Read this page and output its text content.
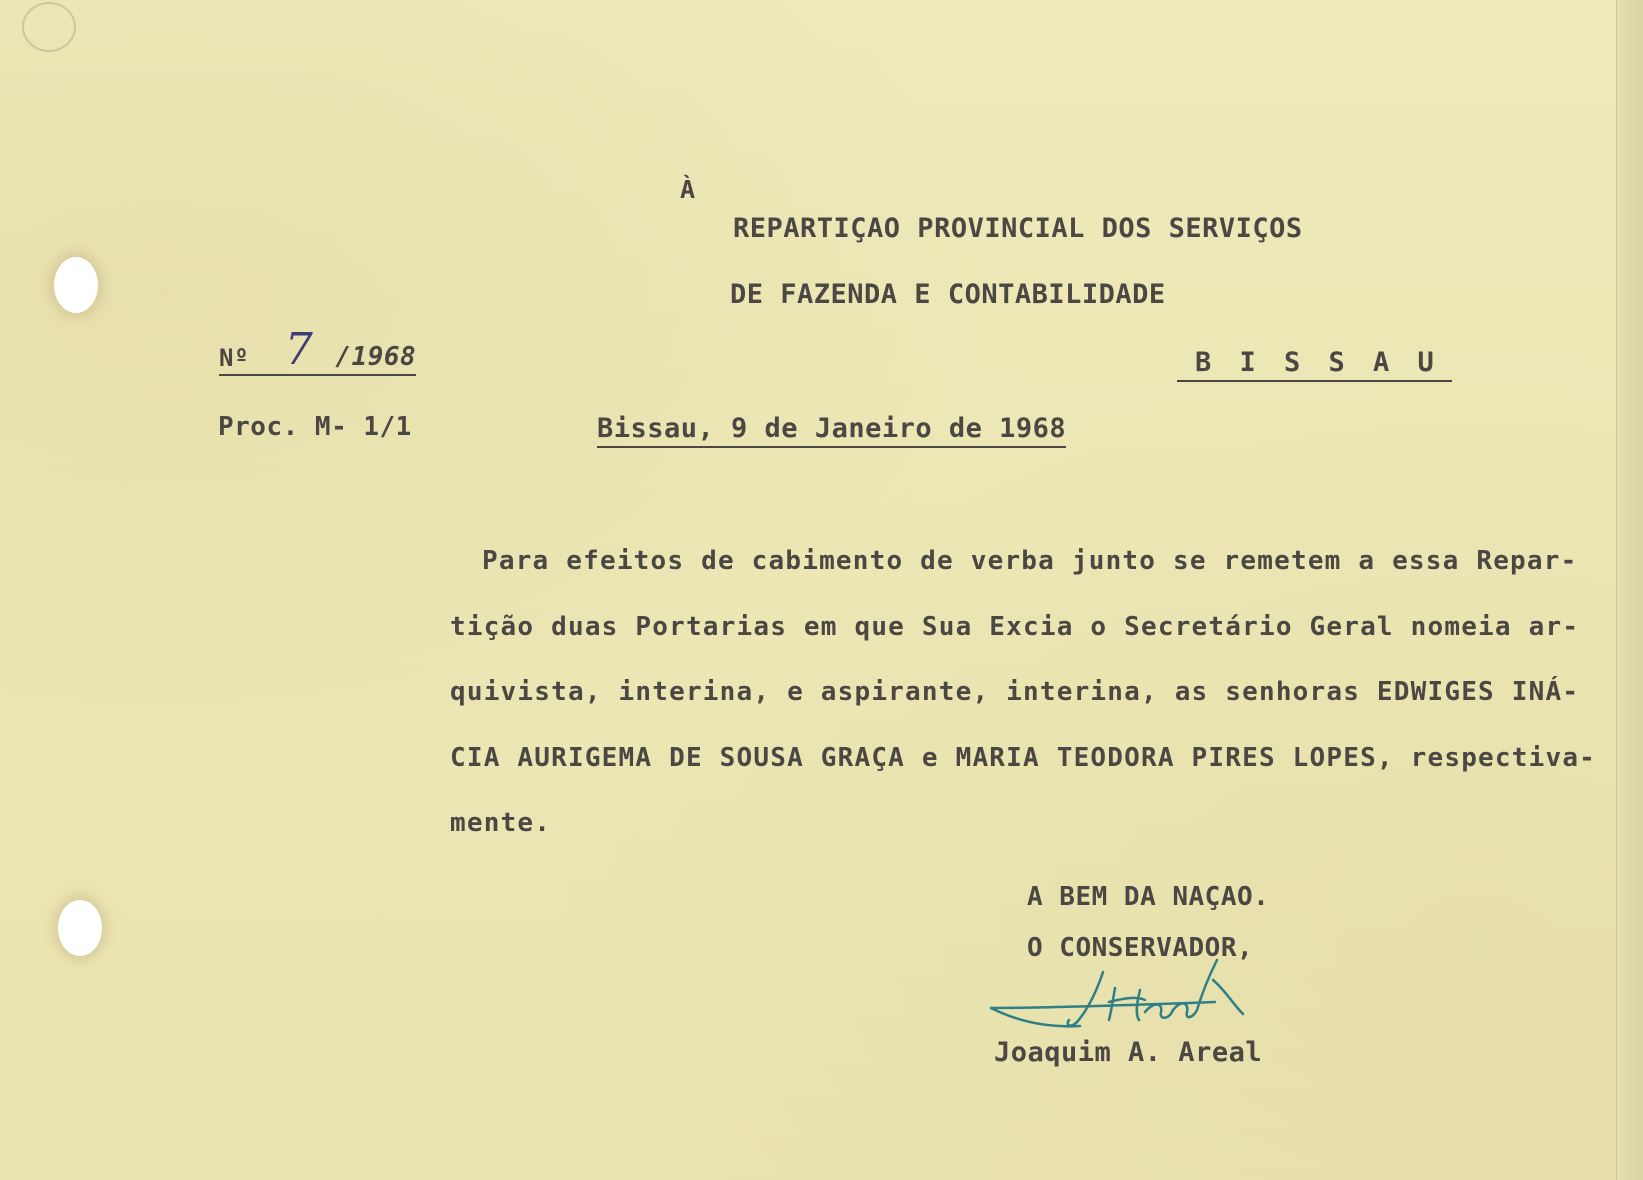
À
REPARTIÇAO PROVINCIAL DOS SERVIÇOS
DE FAZENDA E CONTABILIDADE
B I S S A U
Nº 7 /1968
Proc. M- 1/1	Bissau, 9 de Janeiro de 1968
Para efeitos de cabimento de verba junto se remetem a essa Repar-
tição duas Portarias em que Sua Excia o Secretário Geral nomeia ar-
quivista, interina, e aspirante, interina, as senhoras EDWIGES INÁ-
CIA AURIGEMA DE SOUSA GRAÇA e MARIA TEODORA PIRES LOPES, respectiva-
mente.
A BEM DA NAÇAO.
O CONSERVADOR,
Joaquim A. Areal
